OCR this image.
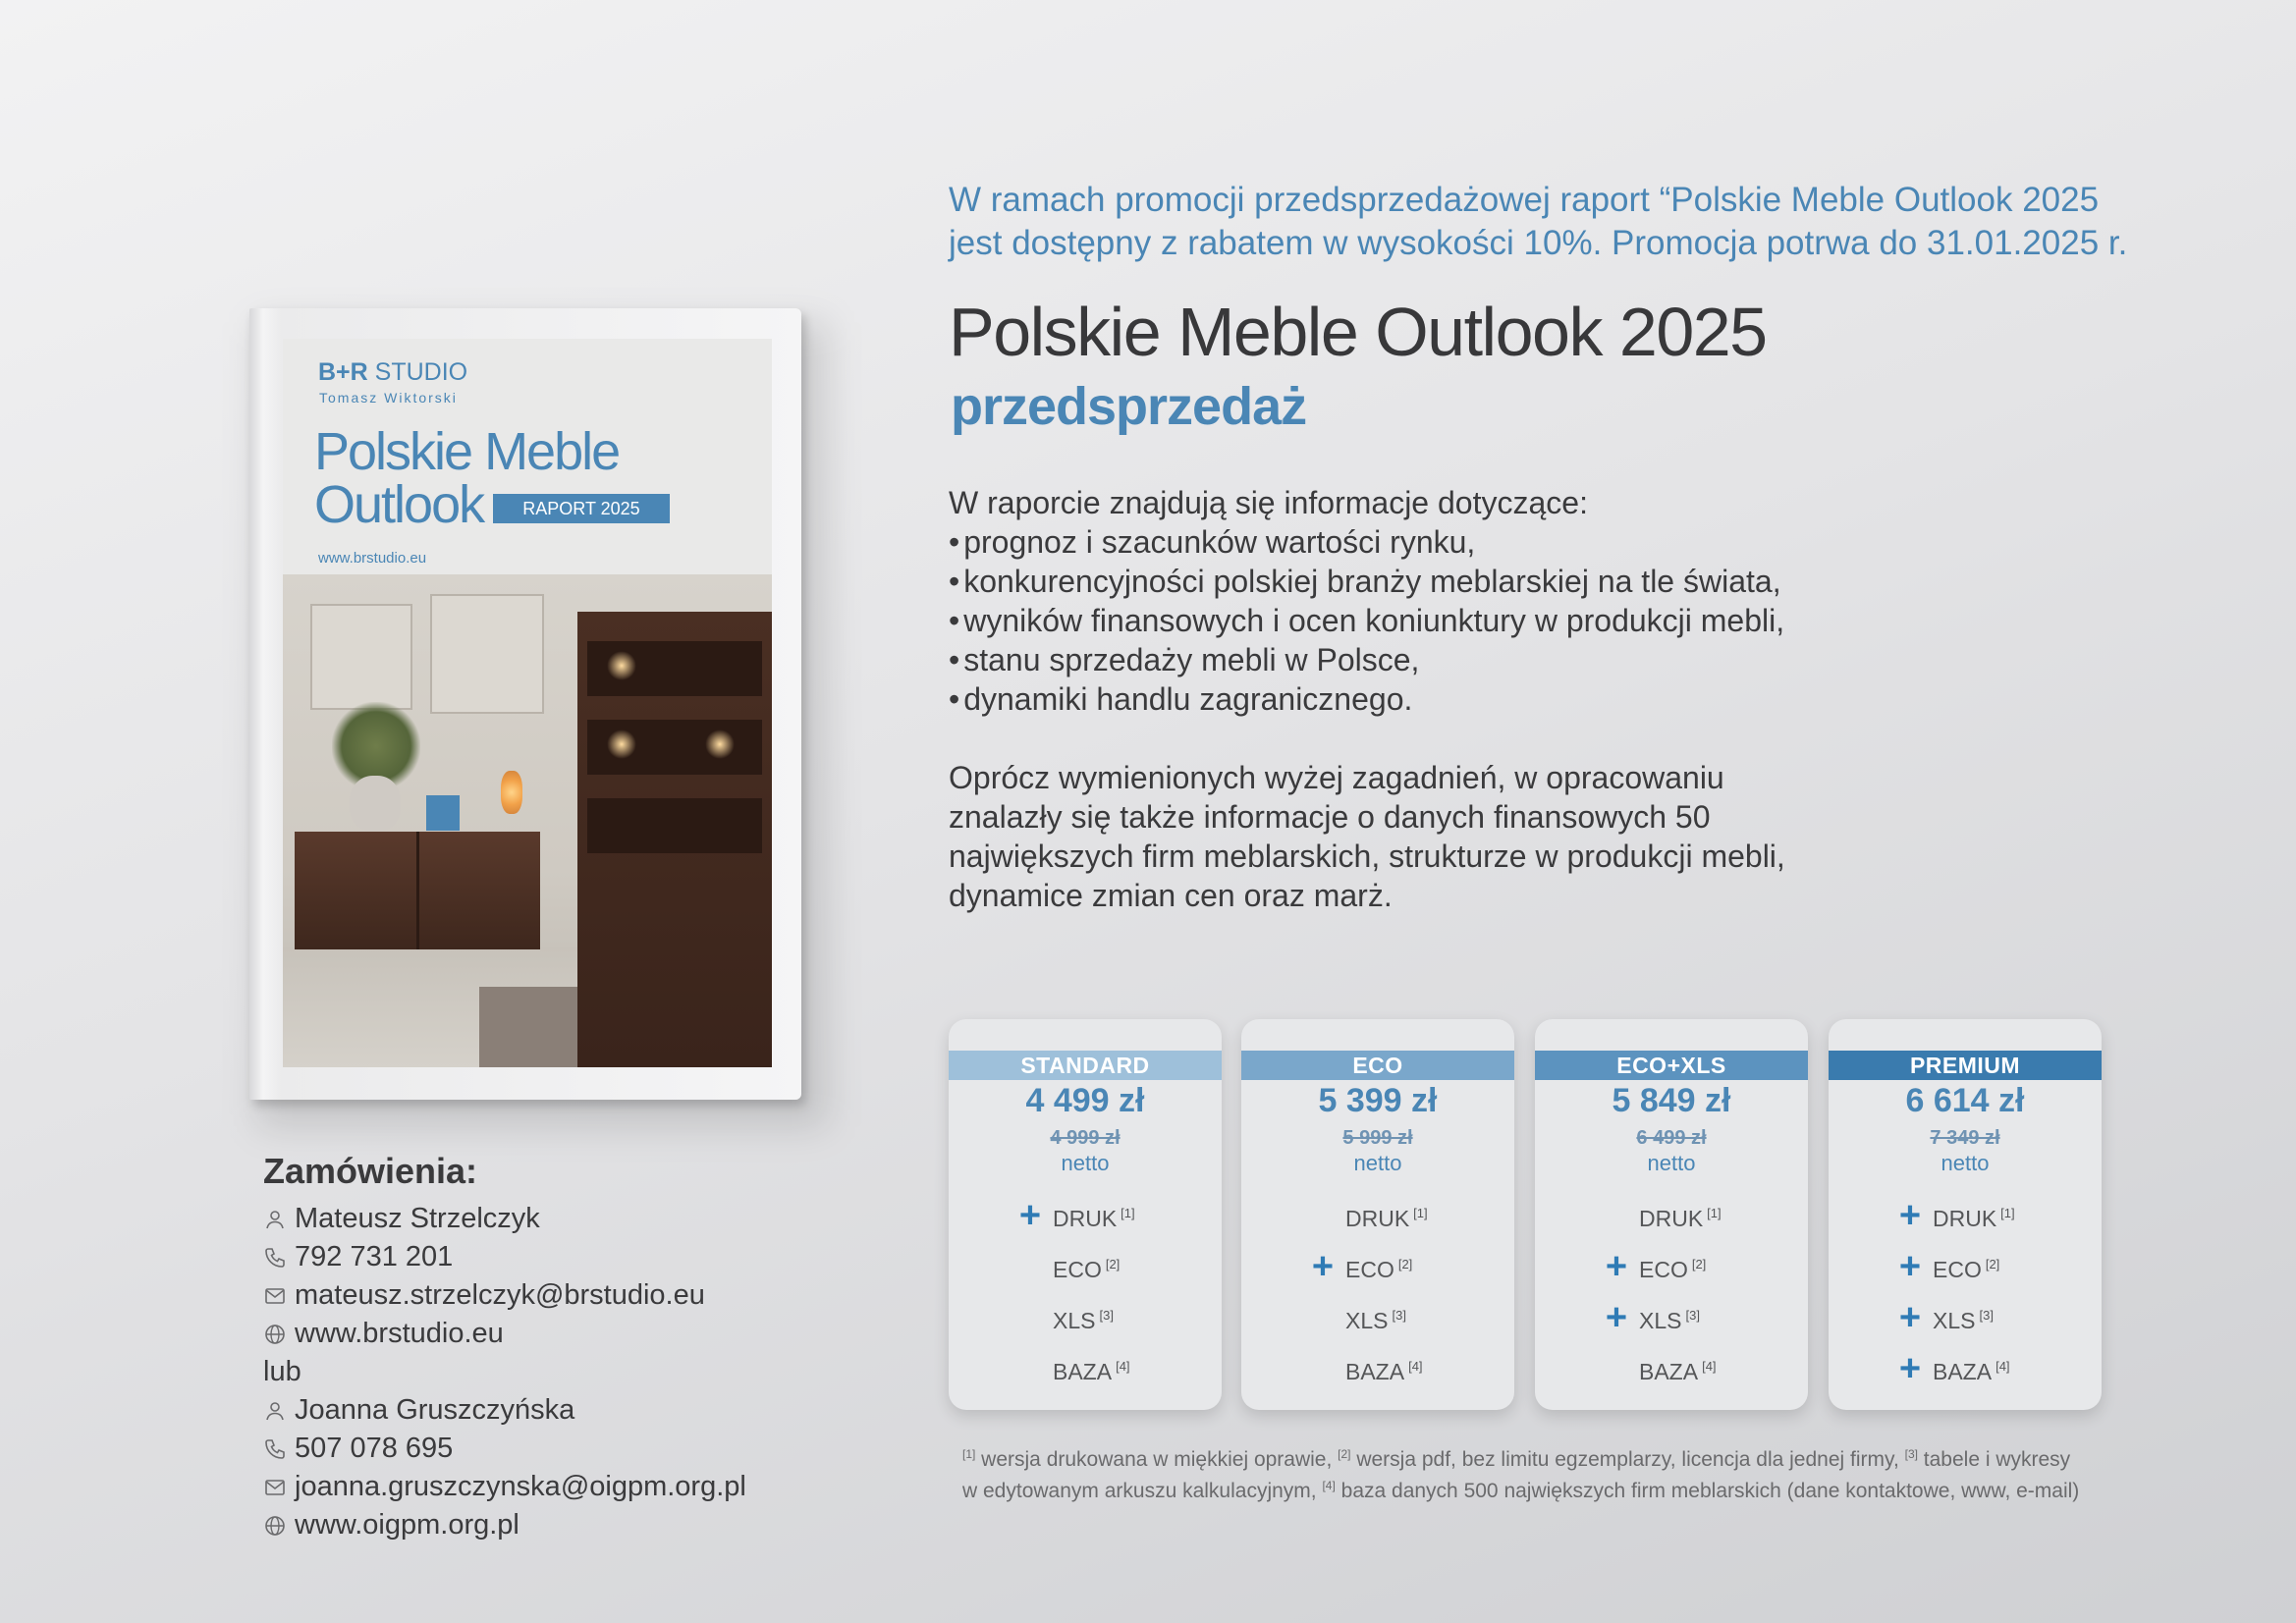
W ramach promocji przedsprzedażowej raport “Polskie Meble Outlook 2025
jest dostępny z rabatem w wysokości 10%. Promocja potrwa do 31.01.2025 r.
Polskie Meble Outlook 2025
przedsprzedaż
W raporcie znajdują się informacje dotyczące:
• prognoz i szacunków wartości rynku,
• konkurencyjności polskiej branży meblarskiej na tle świata,
• wyników finansowych i ocen koniunktury w produkcji mebli,
• stanu sprzedaży mebli w Polsce,
• dynamiki handlu zagranicznego.
Oprócz wymienionych wyżej zagadnień, w opracowaniu
znalazły się także informacje o danych finansowych 50
największych firm meblarskich, strukturze w produkcji mebli,
dynamice zmian cen oraz marż.
B+R STUDIO
Tomasz Wiktorski
Polskie Meble
Outlook	RAPORT 2025
www.brstudio.eu
Zamówienia:
Mateusz Strzelczyk
792 731 201
mateusz.strzelczyk@brstudio.eu
www.brstudio.eu
lub
Joanna Gruszczyńska
507 078 695
joanna.gruszczynska@oigpm.org.pl
www.oigpm.org.pl
STANDARD
4 499 zł
4 999 zł
netto
+ DRUK [1]
ECO [2]
XLS [3]
BAZA [4]
ECO
5 399 zł
5 999 zł
netto
DRUK [1]
+ ECO [2]
XLS [3]
BAZA [4]
ECO+XLS
5 849 zł
6 499 zł
netto
DRUK [1]
+ ECO [2]
+ XLS [3]
BAZA [4]
PREMIUM
6 614 zł
7 349 zł
netto
+ DRUK [1]
+ ECO [2]
+ XLS [3]
+ BAZA [4]
[1] wersja drukowana w miękkiej oprawie, [2] wersja pdf, bez limitu egzemplarzy, licencja dla jednej firmy, [3] tabele i wykresy
w edytowanym arkuszu kalkulacyjnym, [4] baza danych 500 największych firm meblarskich (dane kontaktowe, www, e-mail)
